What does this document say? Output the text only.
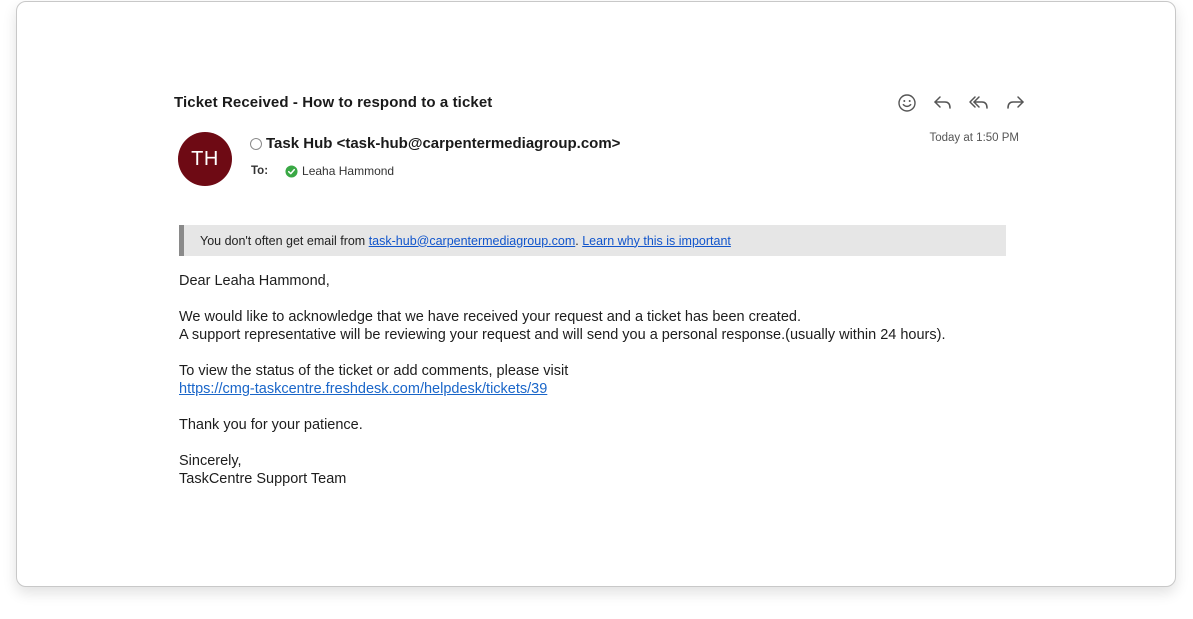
Ticket Received - How to respond to a ticket
TH
Task Hub <task-hub@carpentermediagroup.com>
To:	Leaha Hammond
Today at 1:50 PM
You don't often get email from task-hub@carpentermediagroup.com . Learn why this is important

Dear Leaha Hammond,

We would like to acknowledge that we have received your request and a ticket has been created.
A support representative will be reviewing your request and will send you a personal response.(usually within 24 hours).

To view the status of the ticket or add comments, please visit
https://cmg-taskcentre.freshdesk.com/helpdesk/tickets/39

Thank you for your patience.

Sincerely,
TaskCentre Support Team
